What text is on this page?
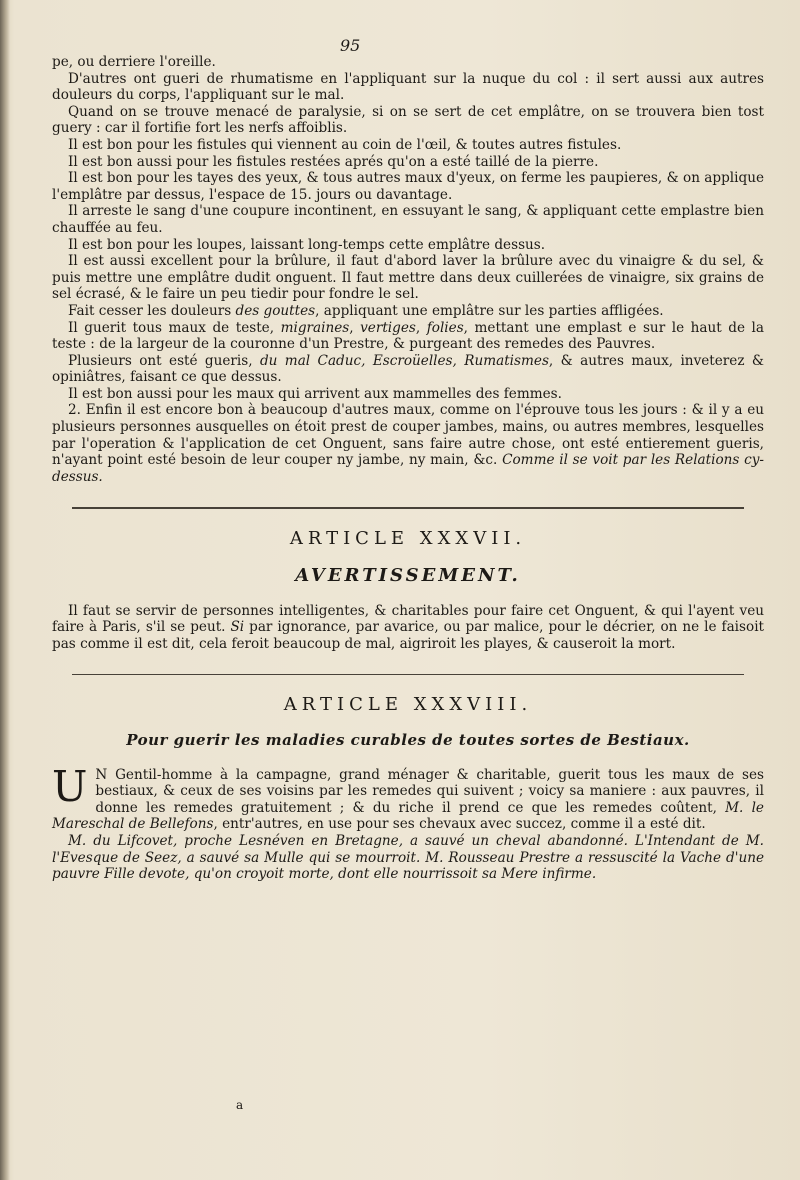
95

pe, ou derriere l'oreille.

D'autres ont gueri de rhumatisme en l'appliquant sur la nuque du col : il sert aussi aux autres douleurs du corps, l'appliquant sur le mal.

Quand on se trouve menacé de paralysie, si on se sert de cet emplâtre, on se trouvera bien tost guery : car il fortifie fort les nerfs affoiblis.

Il est bon pour les fistules qui viennent au coin de l'œil, & toutes autres fistules.

Il est bon aussi pour les fistules restées aprés qu'on a esté taillé de la pierre.

Il est bon pour les tayes des yeux, & tous autres maux d'yeux, on ferme les paupieres, & on applique l'emplâtre par dessus, l'espace de 15. jours ou davantage.

Il arreste le sang d'une coupure incontinent, en essuyant le sang, & appliquant cette emplastre bien chauffée au feu.

Il est bon pour les loupes, laissant long-temps cette emplâtre dessus.

Il est aussi excellent pour la brûlure, il faut d'abord laver la brûlure avec du vinaigre & du sel, & puis mettre une emplâtre dudit onguent. Il faut mettre dans deux cuillerées de vinaigre, six grains de sel écrasé, & le faire un peu tiedir pour fondre le sel.

Fait cesser les douleurs des gouttes, appliquant une emplâtre sur les parties affligées.

Il guerit tous maux de teste, migraines, vertiges, folies, mettant une emplast e sur le haut de la teste : de la largeur de la couronne d'un Prestre, & purgeant des remedes des Pauvres.

Plusieurs ont esté gueris, du mal Caduc, Escroüelles, Rumatismes, & autres maux, inveterez & opiniâtres, faisant ce que dessus.

Il est bon aussi pour les maux qui arrivent aux mammelles des femmes.

2. Enfin il est encore bon à beaucoup d'autres maux, comme on l'éprouve tous les jours : & il y a eu plusieurs personnes ausquelles on étoit prest de couper jambes, mains, ou autres membres, lesquelles par l'operation & l'application de cet Onguent, sans faire autre chose, ont esté entierement gueris, n'ayant point esté besoin de leur couper ny jambe, ny main, &c. Comme il se voit par les Relations cy-dessus.

ARTICLE XXXVII.
AVERTISSEMENT.

Il faut se servir de personnes intelligentes, & charitables pour faire cet Onguent, & qui l'ayent veu faire à Paris, s'il se peut. Si par ignorance, par avarice, ou par malice, pour le décrier, on ne le faisoit pas comme il est dit, cela feroit beaucoup de mal, aigriroit les playes, & causeroit la mort.

ARTICLE XXXVIII.
Pour guerir les maladies curables de toutes sortes de Bestiaux.

U N Gentil-homme à la campagne, grand ménager & charitable, guerit tous les maux de ses bestiaux, & ceux de ses voisins par les remedes qui suivent ; voicy sa maniere : aux pauvres, il donne les remedes gratuitement ; & du riche il prend ce que les remedes coûtent, M. le Mareschal de Bellefons, entr'autres, en use pour ses chevaux avec succez, comme il a esté dit.

M. du Lifcovet, proche Lesnéven en Bretagne, a sauvé un cheval abandonné. L'Intendant de M. l'Evesque de Seez, a sauvé sa Mulle qui se mourroit. M. Rousseau Prestre a ressuscité la Vache d'une pauvre Fille devote, qu'on croyoit morte, dont elle nourrissoit sa Mere infirme.

a
